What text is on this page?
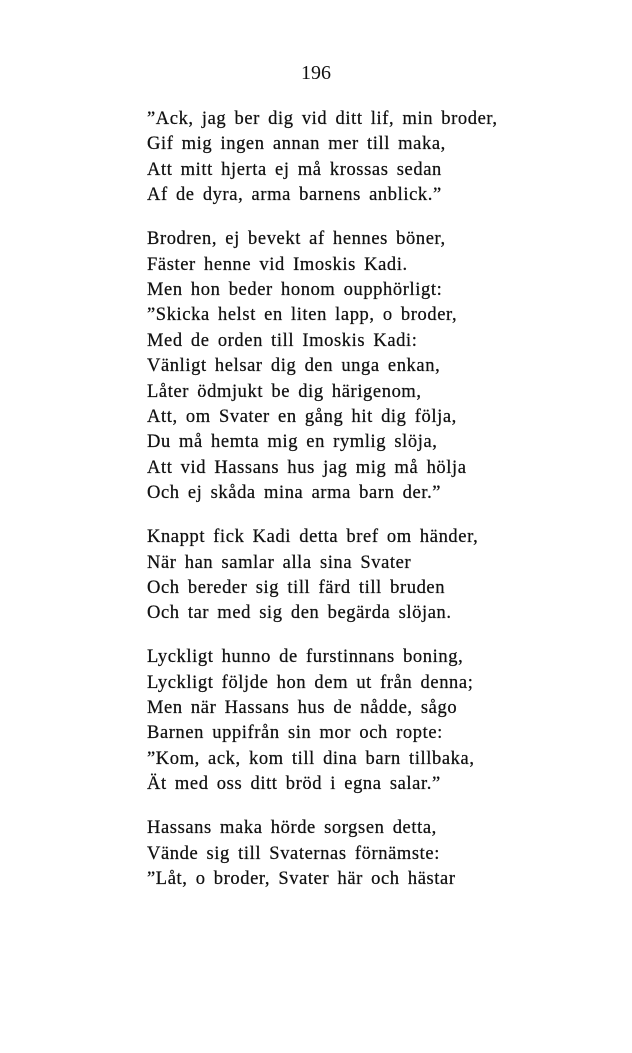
196
”Ack, jag ber dig vid ditt lif, min broder,
Gif mig ingen annan mer till maka,
Att mitt hjerta ej må krossas sedan
Af de dyra, arma barnens anblick.”
Brodren, ej bevekt af hennes böner,
Fäster henne vid Imoskis Kadi.
Men hon beder honom oupphörligt:
”Skicka helst en liten lapp, o broder,
Med de orden till Imoskis Kadi:
Vänligt helsar dig den unga enkan,
Låter ödmjukt be dig härigenom,
Att, om Svater en gång hit dig följa,
Du må hemta mig en rymlig slöja,
Att vid Hassans hus jag mig må hölja
Och ej skåda mina arma barn der.”
Knappt fick Kadi detta bref om händer,
När han samlar alla sina Svater
Och bereder sig till färd till bruden
Och tar med sig den begärda slöjan.
Lyckligt hunno de furstinnans boning,
Lyckligt följde hon dem ut från denna;
Men när Hassans hus de nådde, sågo
Barnen uppifrån sin mor och ropte:
”Kom, ack, kom till dina barn tillbaka,
Ät med oss ditt bröd i egna salar.”
Hassans maka hörde sorgsen detta,
Vände sig till Svaternas förnämste:
”Låt, o broder, Svater här och hästar
